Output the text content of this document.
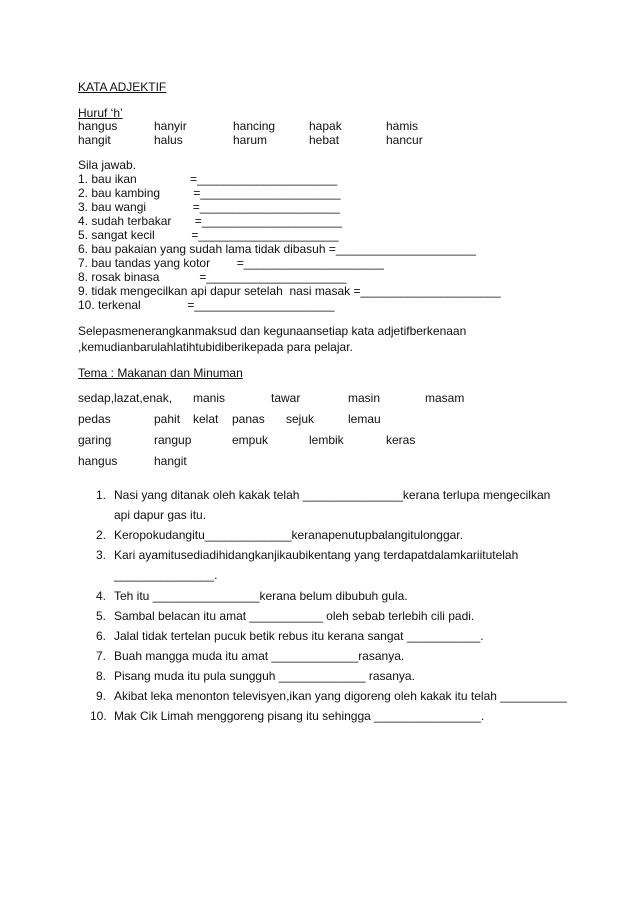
KATA ADJEKTIF
Huruf ‘h’
hangus	hanyir	hancing	hapak	hamis
hangit	halus	harum	hebat	hancur
Sila jawab.
1. bau ikan                =_____________________
2. bau kambing          =_____________________
3. bau wangi              =_____________________
4. sudah terbakar       =_____________________
5. sangat kecil           =_____________________
6. bau pakaian yang sudah lama tidak dibasuh =_____________________
7. bau tandas yang kotor        =_____________________
8. rosak binasa            =_____________________
9. tidak mengecilkan api dapur setelah  nasi masak =_____________________
10. terkenal              =_____________________
Selepasmenerangkanmaksud dan kegunaansetiap kata adjetifberkenaan
,kemudianbarulahlatihtubidiberikepada para pelajar.
Tema : Makanan dan Minuman
sedap,lazat,enak, manis	tawar	masin	masam
pedas	pahit kelat panas sejuk	lemau
garing	rangup	empuk	lembik	keras
hangus	hangit
1. Nasi yang ditanak oleh kakak telah _______________kerana terlupa mengecilkan
api dapur gas itu.
2. Keropokudangitu_____________keranapenutupbalangitulonggar.
3. Kari ayamitusediadihidangkanjikaubikentang yang terdapatdalamkariitutelah
_______________.
4. Teh itu ________________kerana belum dibubuh gula.
5. Sambal belacan itu amat ___________ oleh sebab terlebih cili padi.
6. Jalal tidak tertelan pucuk betik rebus itu kerana sangat ___________.
7. Buah mangga muda itu amat _____________rasanya.
8. Pisang muda itu pula sungguh _____________ rasanya.
9. Akibat leka menonton televisyen,ikan yang digoreng oleh kakak itu telah __________
10. Mak Cik Limah menggoreng pisang itu sehingga ________________.
